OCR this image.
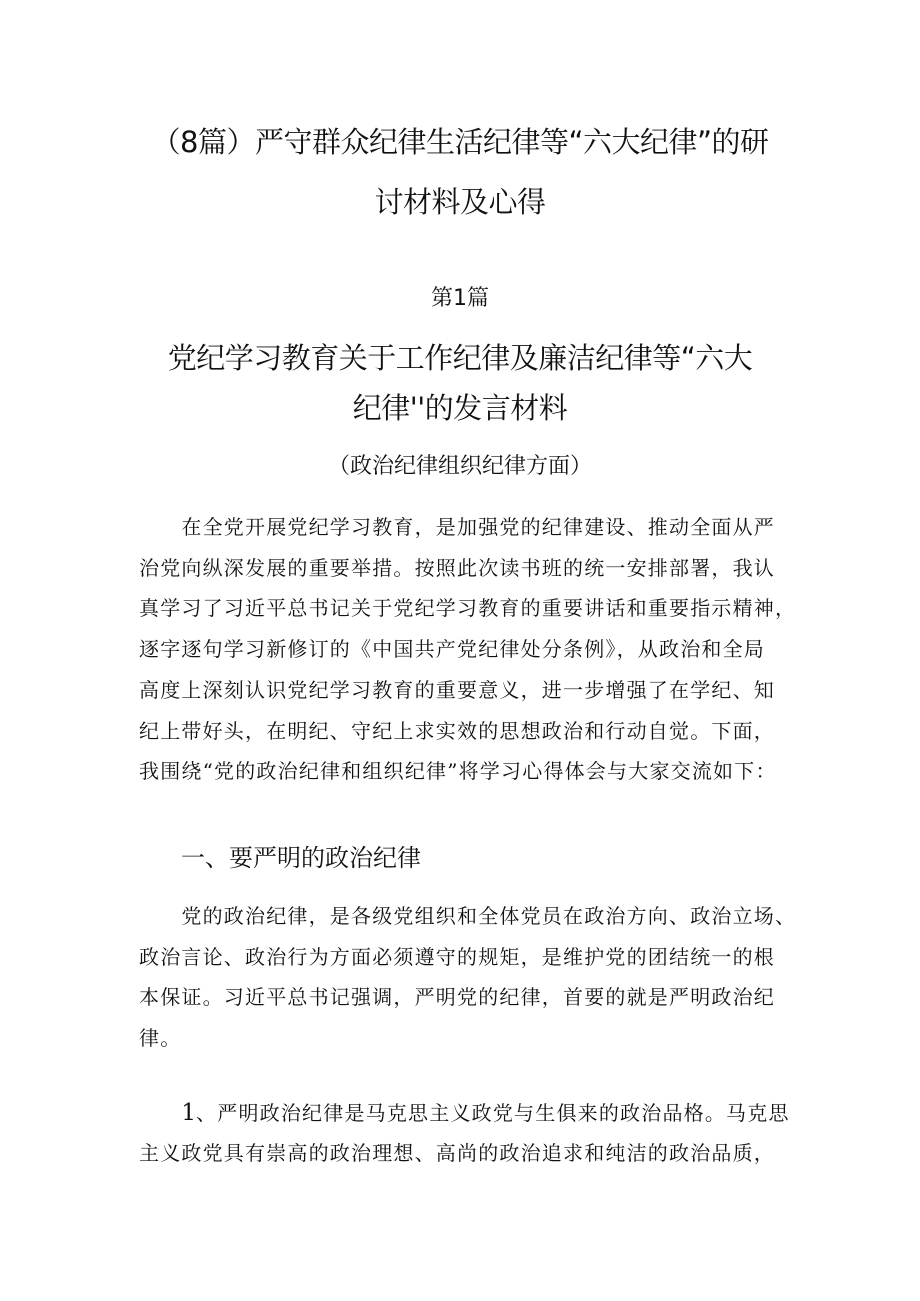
（8篇）严守群众纪律生活纪律等“六大纪律”的研
讨材料及心得
第1篇
党纪学习教育关于工作纪律及廉洁纪律等“六大
纪律''的发言材料
（政治纪律组织纪律方面）
　　在全党开展党纪学习教育，是加强党的纪律建设、推动全面从严
治党向纵深发展的重要举措。按照此次读书班的统一安排部署，我认
真学习了习近平总书记关于党纪学习教育的重要讲话和重要指示精神，
逐字逐句学习新修订的《中国共产党纪律处分条例》，从政治和全局
高度上深刻认识党纪学习教育的重要意义，进一步增强了在学纪、知
纪上带好头，在明纪、守纪上求实效的思想政治和行动自觉。下面，
我围绕“党的政治纪律和组织纪律”将学习心得体会与大家交流如下：
一、要严明的政治纪律
　　党的政治纪律，是各级党组织和全体党员在政治方向、政治立场、
政治言论、政治行为方面必须遵守的规矩，是维护党的团结统一的根
本保证。习近平总书记强调，严明党的纪律，首要的就是严明政治纪
律。
　　1、严明政治纪律是马克思主义政党与生俱来的政治品格。马克思
主义政党具有崇高的政治理想、高尚的政治追求和纯洁的政治品质，
